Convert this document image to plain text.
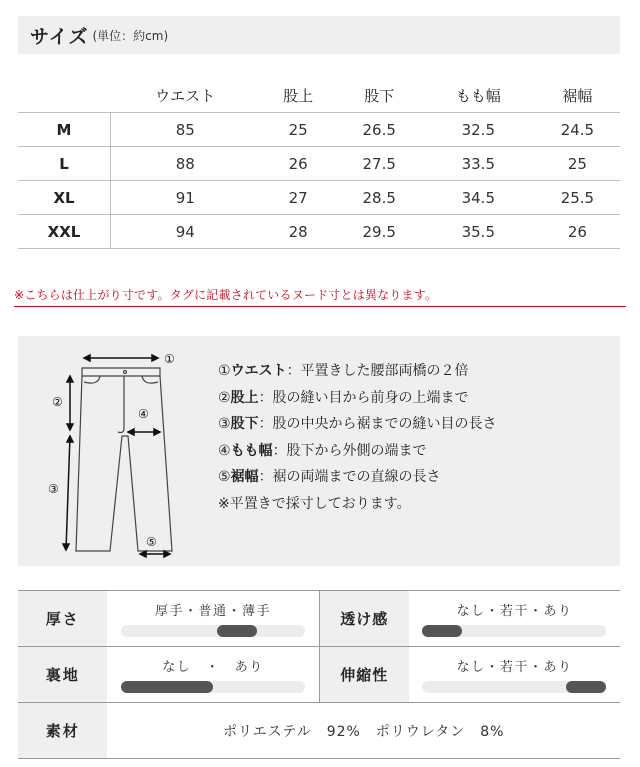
サイズ (単位：約cm)
	ウエスト	股上	股下	もも幅	裾幅
M	85	25	26.5	32.5	24.5
L	88	26	27.5	33.5	25
XL	91	27	28.5	34.5	25.5
XXL	94	28	29.5	35.5	26
※こちらは仕上がり寸です。タグに記載されているヌード寸とは異なります。
①
②
④
③
⑤
①ウエスト：平置きした腰部両橋の２倍
②股上：股の縫い目から前身の上端まで
③股下：股の中央から裾までの縫い目の長さ
④もも幅：股下から外側の端まで
⑤裾幅：裾の両端までの直線の長さ
※平置きで採寸しております。
厚さ	厚手・普通・薄手	透け感	なし・若干・あり

裏地	なし　・　あり	伸縮性	なし・若干・あり

素材	ポリエステル　92%　ポリウレタン　8%		
